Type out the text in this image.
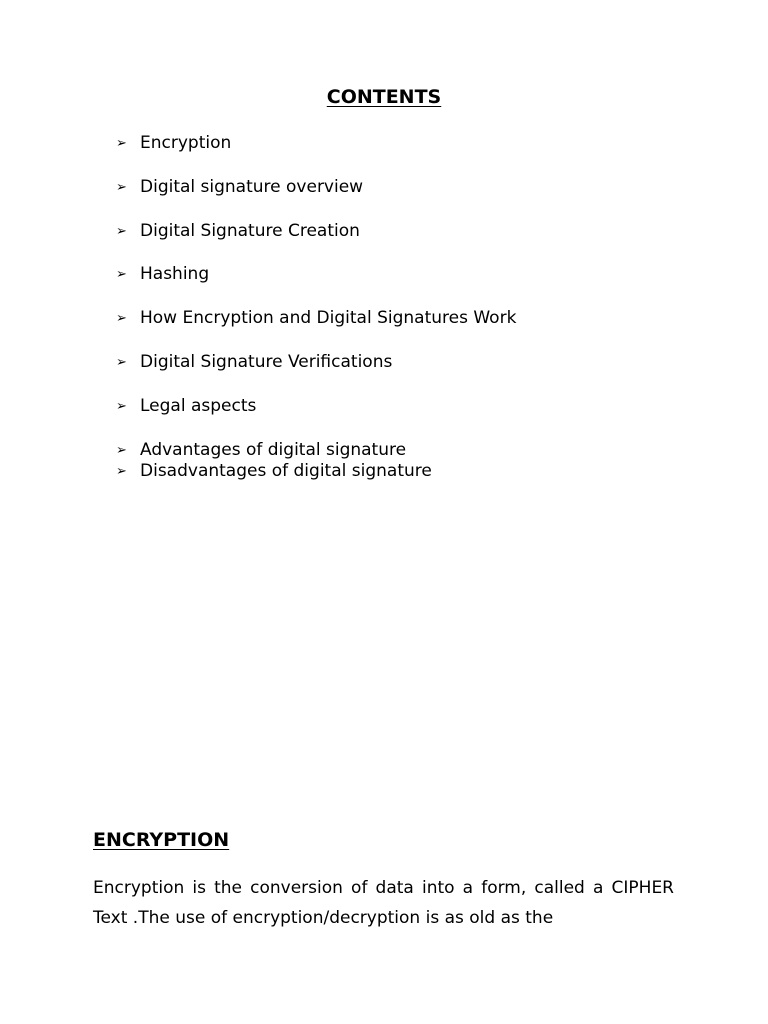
CONTENTS
➢ Encryption
➢ Digital signature overview
➢ Digital Signature Creation
➢ Hashing
➢ How Encryption and Digital Signatures Work
➢ Digital Signature Verifications
➢ Legal aspects
➢ Advantages of digital signature
➢ Disadvantages of digital signature
ENCRYPTION
Encryption is the conversion of data into a form, called a CIPHER Text .The use of encryption/decryption is as old as the
